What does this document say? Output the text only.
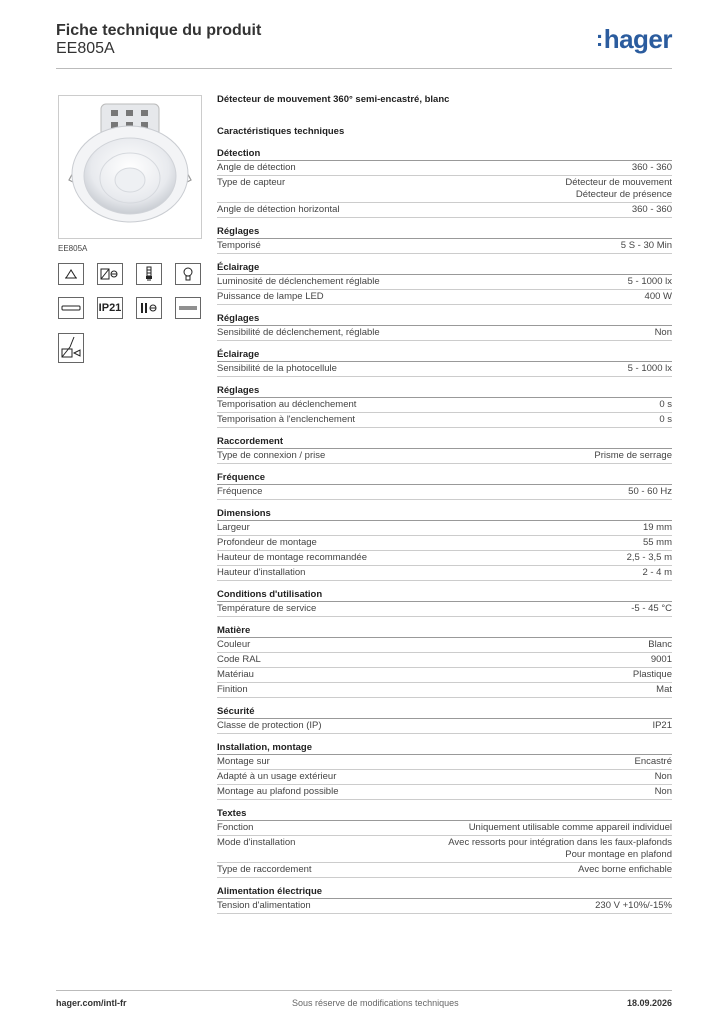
Fiche technique du produit
EE805A	:hager
EE805A
IP21
Détecteur de mouvement 360° semi-encastré, blanc
Caractéristiques techniques
Détection
Angle de détection	360 - 360
Type de capteur	Détecteur de mouvement
Détecteur de présence
Angle de détection horizontal	360 - 360
Réglages
Temporisé	5 S - 30 Min
Éclairage
Luminosité de déclenchement réglable	5 - 1000 lx
Puissance de lampe LED	400 W
Réglages
Sensibilité de déclenchement, réglable	Non
Éclairage
Sensibilité de la photocellule	5 - 1000 lx
Réglages
Temporisation au déclenchement	0 s
Temporisation à l'enclenchement	0 s
Raccordement
Type de connexion / prise	Prisme de serrage
Fréquence
Fréquence	50 - 60 Hz
Dimensions
Largeur	19 mm
Profondeur de montage	55 mm
Hauteur de montage recommandée	2,5 - 3,5 m
Hauteur d'installation	2 - 4 m
Conditions d'utilisation
Température de service	-5 - 45 °C
Matière
Couleur	Blanc
Code RAL	9001
Matériau	Plastique
Finition	Mat
Sécurité
Classe de protection (IP)	IP21
Installation, montage
Montage sur	Encastré
Adapté à un usage extérieur	Non
Montage au plafond possible	Non
Textes
Fonction	Uniquement utilisable comme appareil individuel
Mode d'installation	Avec ressorts pour intégration dans les faux-plafonds
Pour montage en plafond
Type de raccordement	Avec borne enfichable
Alimentation électrique
Tension d'alimentation	230 V +10%/-15%
hager.com/intl-fr	Sous réserve de modifications techniques	18.09.2026
